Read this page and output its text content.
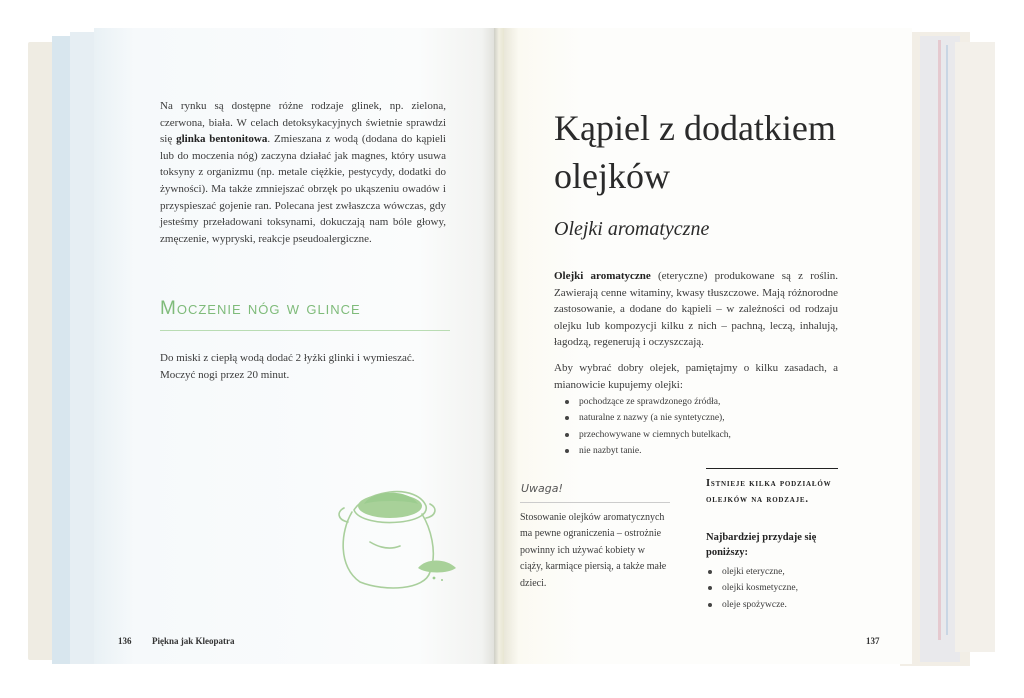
Na rynku są dostępne różne rodzaje glinek, np. zielona, czerwona, biała. W celach detoksykacyjnych świetnie sprawdzi się glinka bentonitowa. Zmieszana z wodą (dodana do kąpieli lub do moczenia nóg) zaczyna działać jak magnes, który usuwa toksyny z organizmu (np. metale ciężkie, pestycydy, dodatki do żywności). Ma także zmniejszać obrzęk po ukąszeniu owadów i przyspieszać gojenie ran. Polecana jest zwłaszcza wówczas, gdy jesteśmy przeładowani toksynami, dokuczają nam bóle głowy, zmęczenie, wypryski, reakcje pseudoalergiczne.
Moczenie nóg w glince
Do miski z ciepłą wodą dodać 2 łyżki glinki i wymieszać. Moczyć nogi przez 20 minut.
136 Piękna jak Kleopatra
Kąpiel z dodatkiem olejków
Olejki aromatyczne
Olejki aromatyczne (eteryczne) produkowane są z roślin. Zawierają cenne witaminy, kwasy tłuszczowe. Mają różnorodne zastosowanie, a dodane do kąpieli – w zależności od rodzaju olejku lub kompozycji kilku z nich – pachną, leczą, inhalują, łagodzą, regenerują i oczyszczają.
Aby wybrać dobry olejek, pamiętajmy o kilku zasadach, a mianowicie kupujemy olejki:
pochodzące ze sprawdzonego źródła,
naturalne z nazwy (a nie syntetyczne),
przechowywane w ciemnych butelkach,
nie nazbyt tanie.
Uwaga!
Stosowanie olejków aromatycznych ma pewne ograniczenia – ostrożnie powinny ich używać kobiety w ciąży, karmiące piersią, a także małe dzieci.
Istnieje kilka podziałów olejków na rodzaje.
Najbardziej przydaje się poniższy:
olejki eteryczne,
olejki kosmetyczne,
oleje spożywcze.
137
